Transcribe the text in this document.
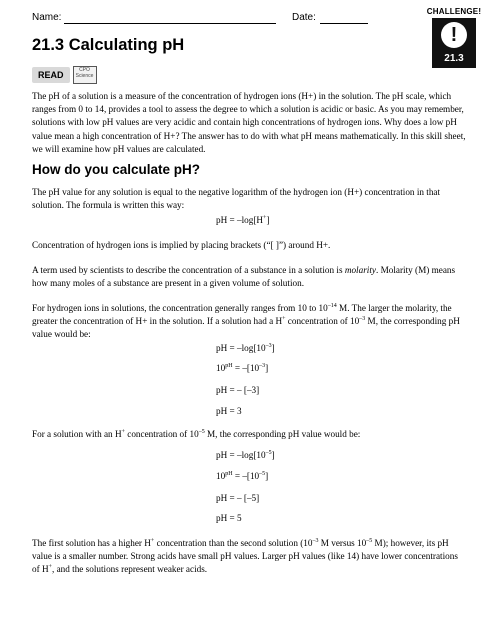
Name:	Date:
CHALLENGE!
!
21.3
21.3 Calculating pH
READ	CPO Science

The pH of a solution is a measure of the concentration of hydrogen ions (H+) in the solution. The pH scale, which ranges from 0 to 14, provides a tool to assess the degree to which a solution is acidic or basic. As you may remember, solutions with low pH values are very acidic and contain high concentrations of hydrogen ions. Why does a low pH value mean a high concentration of H+? The answer has to do with what pH means mathematically. In this skill sheet, we will examine how pH values are calculated.

How do you calculate pH?

The pH value for any solution is equal to the negative logarithm of the hydrogen ion (H+) concentration in that solution. The formula is written this way:

pH = –log[H+]

Concentration of hydrogen ions is implied by placing brackets (“[ ]”) around H+.

A term used by scientists to describe the concentration of a substance in a solution is molarity. Molarity (M) means how many moles of a substance are present in a given volume of solution.

For hydrogen ions in solutions, the concentration generally ranges from 10 to $10^{-14}$ M. The larger the molarity, the greater the concentration of H+ in the solution. If a solution had a H+ concentration of $10^{-3}$ M, the corresponding pH value would be:

pH = $-\log[10^{-3}]$
$10^{pH} = -[10^{-3}]$
pH = – [–3]
pH = 3

For a solution with an H+ concentration of $10^{-5}$ M, the corresponding pH value would be:

pH = $-\log[10^{-5}]$
$10^{pH} = -[10^{-5}]$
pH = – [–5]
pH = 5

The first solution has a higher H+ concentration than the second solution ($10^{-3}$ M versus $10^{-5}$ M); however, its pH value is a smaller number. Strong acids have small pH values. Larger pH values (like 14) have lower concentrations of H+, and the solutions represent weaker acids.
